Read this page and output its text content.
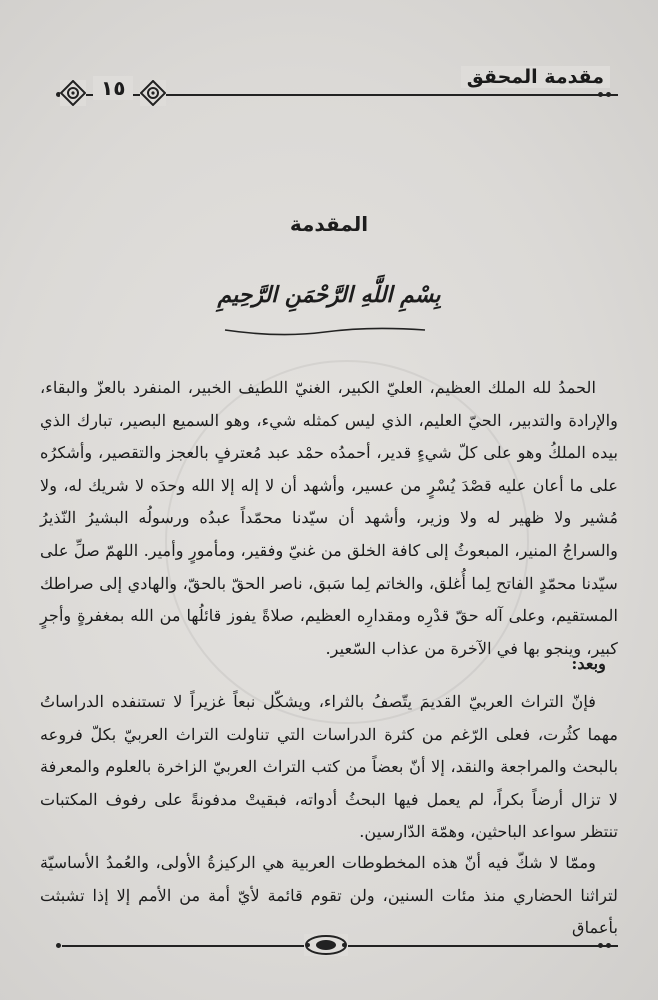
مقدمة المحقق
١٥
المقدمة
بِسْمِ اللَّهِ الرَّحْمَنِ الرَّحِيمِ

الحمدُ لله الملك العظيم، العليّ الكبير، الغنيّ اللطيف الخبير، المنفرد بالعزّ والبقاء، والإرادة والتدبير، الحيّ العليم، الذي ليس كمثله شيء، وهو السميع البصير، تبارك الذي بيده الملكُ وهو على كلّ شيءٍ قدير، أحمدُه حمْد عبد مُعترفٍ بالعجز والتقصير، وأشكرُه على ما أعان عليه قصْدَ يُسْرٍ من عسير، وأشهد أن لا إله إلا الله وحدَه لا شريك له، ولا مُشير ولا ظهير له ولا وزير، وأشهد أن سيّدنا محمّداً عبدُه ورسولُه البشيرُ النّذيرُ والسراجُ المنير، المبعوثُ إلى كافة الخلق من غنيّ وفقير، ومأمورٍ وأمير. اللهمّ صلِّ على سيّدنا محمّدٍ الفاتح لِما أُغلق، والخاتم لِما سَبق، ناصر الحقّ بالحقّ، والهادي إلى صراطك المستقيم، وعلى آله حقّ قدْرِه ومقدارِه العظيم، صلاةً يفوز قائلُها من الله بمغفرةٍ وأجرٍ كبير، وينجو بها في الآخرة من عذاب السّعير.

وبعد:

فإنّ التراث العربيّ القديمَ يتّصفُ بالثراء، ويشكّل نبعاً غزيراً لا تستنفده الدراساتُ مهما كثُرت، فعلى الرّغم من كثرة الدراسات التي تناولت التراث العربيّ بكلّ فروعه بالبحث والمراجعة والنقد، إلا أنّ بعضاً من كتب التراث العربيّ الزاخرة بالعلوم والمعرفة لا تزال أرضاً بكراً، لم يعمل فيها البحثُ أدواته، فبقيتْ مدفونةً على رفوف المكتبات تنتظر سواعد الباحثين، وهمّة الدّارسين.

وممّا لا شكّ فيه أنّ هذه المخطوطات العربية هي الركيزةُ الأولى، والعُمدُ الأساسيّة لتراثنا الحضاري منذ مئات السنين، ولن تقوم قائمة لأيّ أمة من الأمم إلا إذا تشبثت بأعماق
